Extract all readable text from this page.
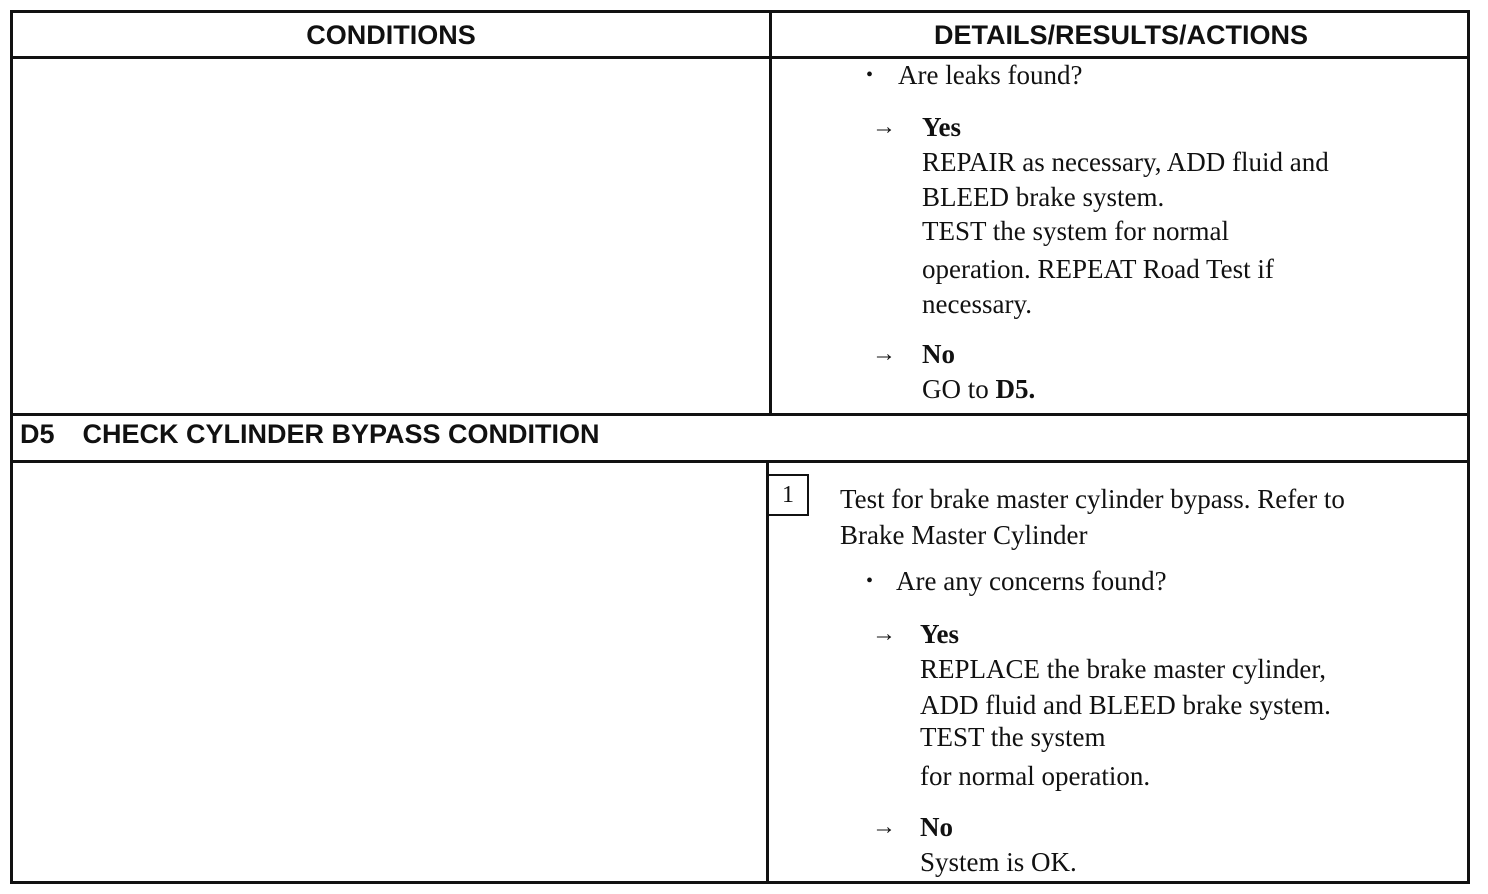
CONDITIONS	DETAILS/RESULTS/ACTIONS
• Are leaks found?
→ Yes
REPAIR as necessary, ADD fluid and
BLEED brake system.
TEST the system for normal
operation. REPEAT Road Test if
necessary.
→ No
GO to D5.
D5 CHECK CYLINDER BYPASS CONDITION
1 Test for brake master cylinder bypass. Refer to
Brake Master Cylinder
• Are any concerns found?
→ Yes
REPLACE the brake master cylinder,
ADD fluid and BLEED brake system.
TEST the system
for normal operation.
→ No
System is OK.
